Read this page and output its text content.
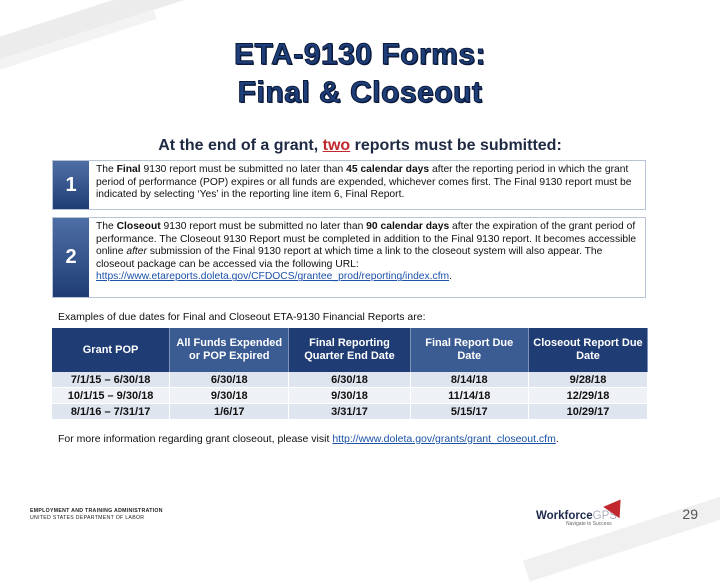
ETA-9130 Forms:
Final & Closeout
At the end of a grant, two reports must be submitted:
1
The Final 9130 report must be submitted no later than 45 calendar days after the reporting period in which the grant period of performance (POP) expires or all funds are expended, whichever comes first. The Final 9130 report must be indicated by selecting ‘Yes’ in the reporting line item 6, Final Report.
2
The Closeout 9130 report must be submitted no later than 90 calendar days after the expiration of the grant period of performance. The Closeout 9130 Report must be completed in addition to the Final 9130 report. It becomes accessible online after submission of the Final 9130 report at which time a link to the closeout system will also appear. The closeout package can be accessed via the following URL: https://www.etareports.doleta.gov/CFDOCS/grantee_prod/reporting/index.cfm.
Examples of due dates for Final and Closeout ETA-9130 Financial Reports are:
Grant POP	All Funds Expended or POP Expired	Final Reporting Quarter End Date	Final Report Due Date	Closeout Report Due Date
7/1/15 – 6/30/18	6/30/18	6/30/18	8/14/18	9/28/18
10/1/15 – 9/30/18	9/30/18	9/30/18	11/14/18	12/29/18
8/1/16 – 7/31/17	1/6/17	3/31/17	5/15/17	10/29/17
For more information regarding grant closeout, please visit http://www.doleta.gov/grants/grant_closeout.cfm.
EMPLOYMENT AND TRAINING ADMINISTRATION
UNITED STATES DEPARTMENT OF LABOR	WorkforceGPS
Navigate to Success
29
